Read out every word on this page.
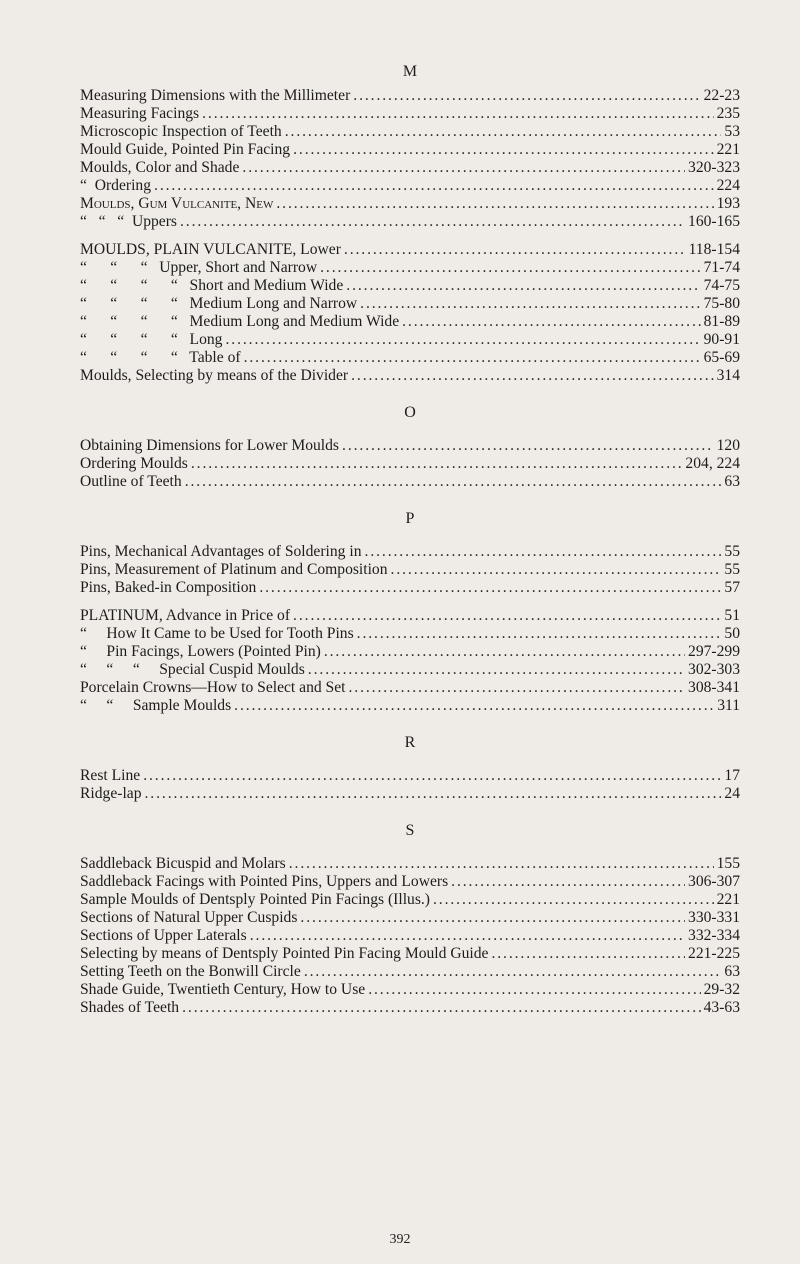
M
Measuring Dimensions with the Millimeter . . .	22-23
Measuring Facings . . .	235
Microscopic Inspection of Teeth . . .	53
Mould Guide, Pointed Pin Facing . . .	221
Moulds, Color and Shade . . .	320-323
“  Ordering . . .	224
Moulds, Gum Vulcanite, New . . .	193
“   “   “  Uppers . . .	160-165
MOULDS, PLAIN VULCANITE, Lower . . .	118-154
“      “      “   Upper, Short and Narrow . . .	71-74
“      “      “      “   Short and Medium Wide . . .	74-75
“      “      “      “   Medium Long and Narrow . . .	75-80
“      “      “      “   Medium Long and Medium Wide . . .	81-89
“      “      “      “   Long . . .	90-91
“      “      “      “   Table of . . .	65-69
Moulds, Selecting by means of the Divider . . .	314
O
Obtaining Dimensions for Lower Moulds . . .	120
Ordering Moulds . . .	204, 224
Outline of Teeth . . .	63
P
Pins, Mechanical Advantages of Soldering in . . .	55
Pins, Measurement of Platinum and Composition . . .	55
Pins, Baked-in Composition . . .	57
PLATINUM, Advance in Price of . . .	51
“     How It Came to be Used for Tooth Pins . . .	50
“     Pin Facings, Lowers (Pointed Pin) . . .	297-299
“     “     “     Special Cuspid Moulds . . .	302-303
Porcelain Crowns—How to Select and Set . . .	308-341
“     “     Sample Moulds . . .	311
R
Rest Line . . .	17
Ridge-lap . . .	24
S
Saddleback Bicuspid and Molars . . .	155
Saddleback Facings with Pointed Pins, Uppers and Lowers . . .	306-307
Sample Moulds of Dentsply Pointed Pin Facings (Illus.) . . .	221
Sections of Natural Upper Cuspids . . .	330-331
Sections of Upper Laterals . . .	332-334
Selecting by means of Dentsply Pointed Pin Facing Mould Guide . . .	221-225
Setting Teeth on the Bonwill Circle . . .	63
Shade Guide, Twentieth Century, How to Use . . .	29-32
Shades of Teeth . . .	43-63
392
